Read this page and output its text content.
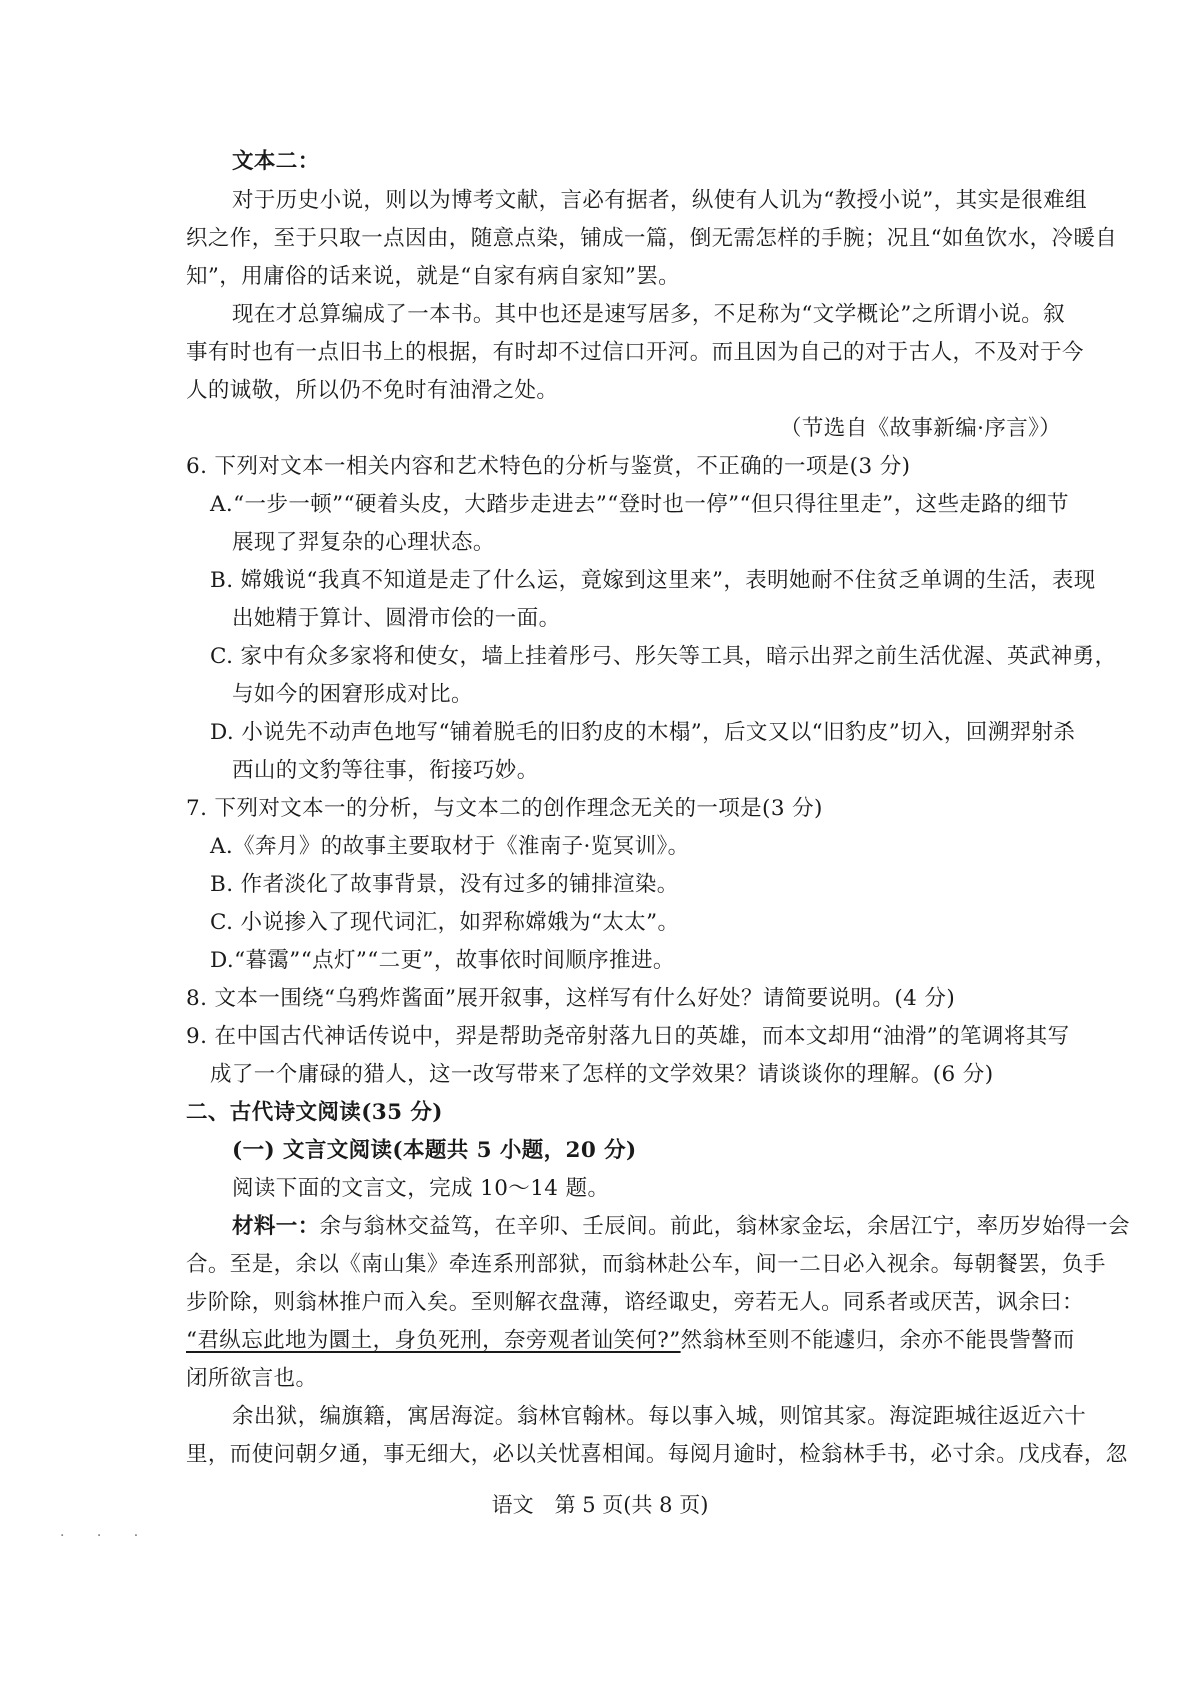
文本二：
对于历史小说，则以为博考文献，言必有据者，纵使有人讥为“教授小说”，其实是很难组
织之作，至于只取一点因由，随意点染，铺成一篇，倒无需怎样的手腕；况且“如鱼饮水，冷暖自
知”，用庸俗的话来说，就是“自家有病自家知”罢。
现在才总算编成了一本书。其中也还是速写居多，不足称为“文学概论”之所谓小说。叙
事有时也有一点旧书上的根据，有时却不过信口开河。而且因为自己的对于古人，不及对于今
人的诚敬，所以仍不免时有油滑之处。
（节选自《故事新编·序言》）
6. 下列对文本一相关内容和艺术特色的分析与鉴赏，不正确的一项是(3 分)
A.“一步一顿”“硬着头皮，大踏步走进去”“登时也一停”“但只得往里走”，这些走路的细节
展现了羿复杂的心理状态。
B. 嫦娥说“我真不知道是走了什么运，竟嫁到这里来”，表明她耐不住贫乏单调的生活，表现
出她精于算计、圆滑市侩的一面。
C. 家中有众多家将和使女，墙上挂着彤弓、彤矢等工具，暗示出羿之前生活优渥、英武神勇，
与如今的困窘形成对比。
D. 小说先不动声色地写“铺着脱毛的旧豹皮的木榻”，后文又以“旧豹皮”切入，回溯羿射杀
西山的文豹等往事，衔接巧妙。
7. 下列对文本一的分析，与文本二的创作理念无关的一项是(3 分)
A.《奔月》的故事主要取材于《淮南子·览冥训》。
B. 作者淡化了故事背景，没有过多的铺排渲染。
C. 小说掺入了现代词汇，如羿称嫦娥为“太太”。
D.“暮霭”“点灯”“二更”，故事依时间顺序推进。
8. 文本一围绕“乌鸦炸酱面”展开叙事，这样写有什么好处？请简要说明。(4 分)
9. 在中国古代神话传说中，羿是帮助尧帝射落九日的英雄，而本文却用“油滑”的笔调将其写
成了一个庸碌的猎人，这一改写带来了怎样的文学效果？请谈谈你的理解。(6 分)
二、古代诗文阅读(35 分)
(一) 文言文阅读(本题共 5 小题，20 分)
阅读下面的文言文，完成 10～14 题。
材料一：余与翁林交益笃，在辛卯、壬辰间。前此，翁林家金坛，余居江宁，率历岁始得一会
合。至是，余以《南山集》牵连系刑部狱，而翁林赴公车，间一二日必入视余。每朝餐罢，负手
步阶除，则翁林推户而入矣。至则解衣盘薄，谘经诹史，旁若无人。同系者或厌苦，讽余曰：
“君纵忘此地为圜土，身负死刑，奈旁观者讪笑何?”然翁林至则不能遽归，余亦不能畏訾謷而
闭所欲言也。
余出狱，编旗籍，寓居海淀。翁林官翰林。每以事入城，则馆其家。海淀距城往返近六十
里，而使问朝夕通，事无细大，必以关忧喜相闻。每阅月逾时，检翁林手书，必寸余。戊戌春，忽
语文　第 5 页(共 8 页)
· · ·
